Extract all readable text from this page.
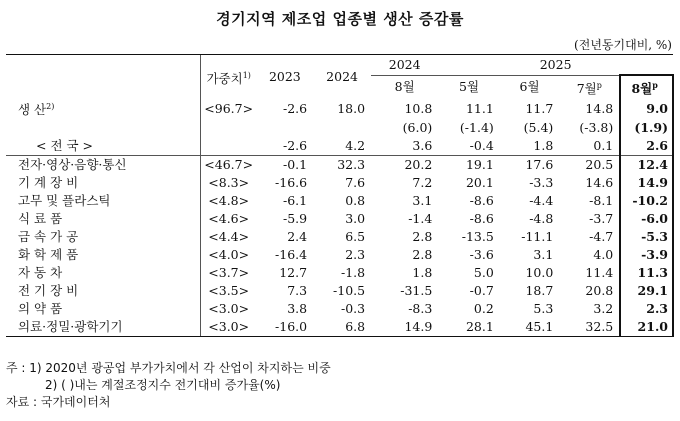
경기지역 제조업 업종별 생산 증감률
(전년동기대비, %)
	가중치$^{1)}$	2023	2024	2024	2025			
				8월	5월	6월	7월$^p$	8월$^p$
생 산$^{2)}$	<96.7>	-2.6	18.0	10.8	11.1	11.7	14.8	9.0
				(6.0)	(-1.4)	(5.4)	(-3.8)	(1.9)
< 전 국 >		-2.6	4.2	3.6	-0.4	1.8	0.1	2.6
전자·영상·음향·통신	<46.7>	-0.1	32.3	20.2	19.1	17.6	20.5	12.4
기 계 장 비	<8.3>	-16.6	7.6	7.2	20.1	-3.3	14.6	14.9
고무 및 플라스틱	<4.8>	-6.1	0.8	3.1	-8.6	-4.4	-8.1	-10.2
식 료 품	<4.6>	-5.9	3.0	-1.4	-8.6	-4.8	-3.7	-6.0
금 속 가 공	<4.4>	2.4	6.5	2.8	-13.5	-11.1	-4.7	-5.3
화 학 제 품	<4.0>	-16.4	2.3	2.8	-3.6	3.1	4.0	-3.9
자 동 차	<3.7>	12.7	-1.8	1.8	5.0	10.0	11.4	11.3
전 기 장 비	<3.5>	7.3	-10.5	-31.5	-0.7	18.7	20.8	29.1
의 약 품	<3.0>	3.8	-0.3	-8.3	0.2	5.3	3.2	2.3
의료·정밀·광학기기	<3.0>	-16.0	6.8	14.9	28.1	45.1	32.5	21.0
주 : 1) 2020년 광공업 부가가치에서 각 산업이 차지하는 비중
2) ( )내는 계절조정지수 전기대비 증가율(%)
자료 : 국가데이터처
